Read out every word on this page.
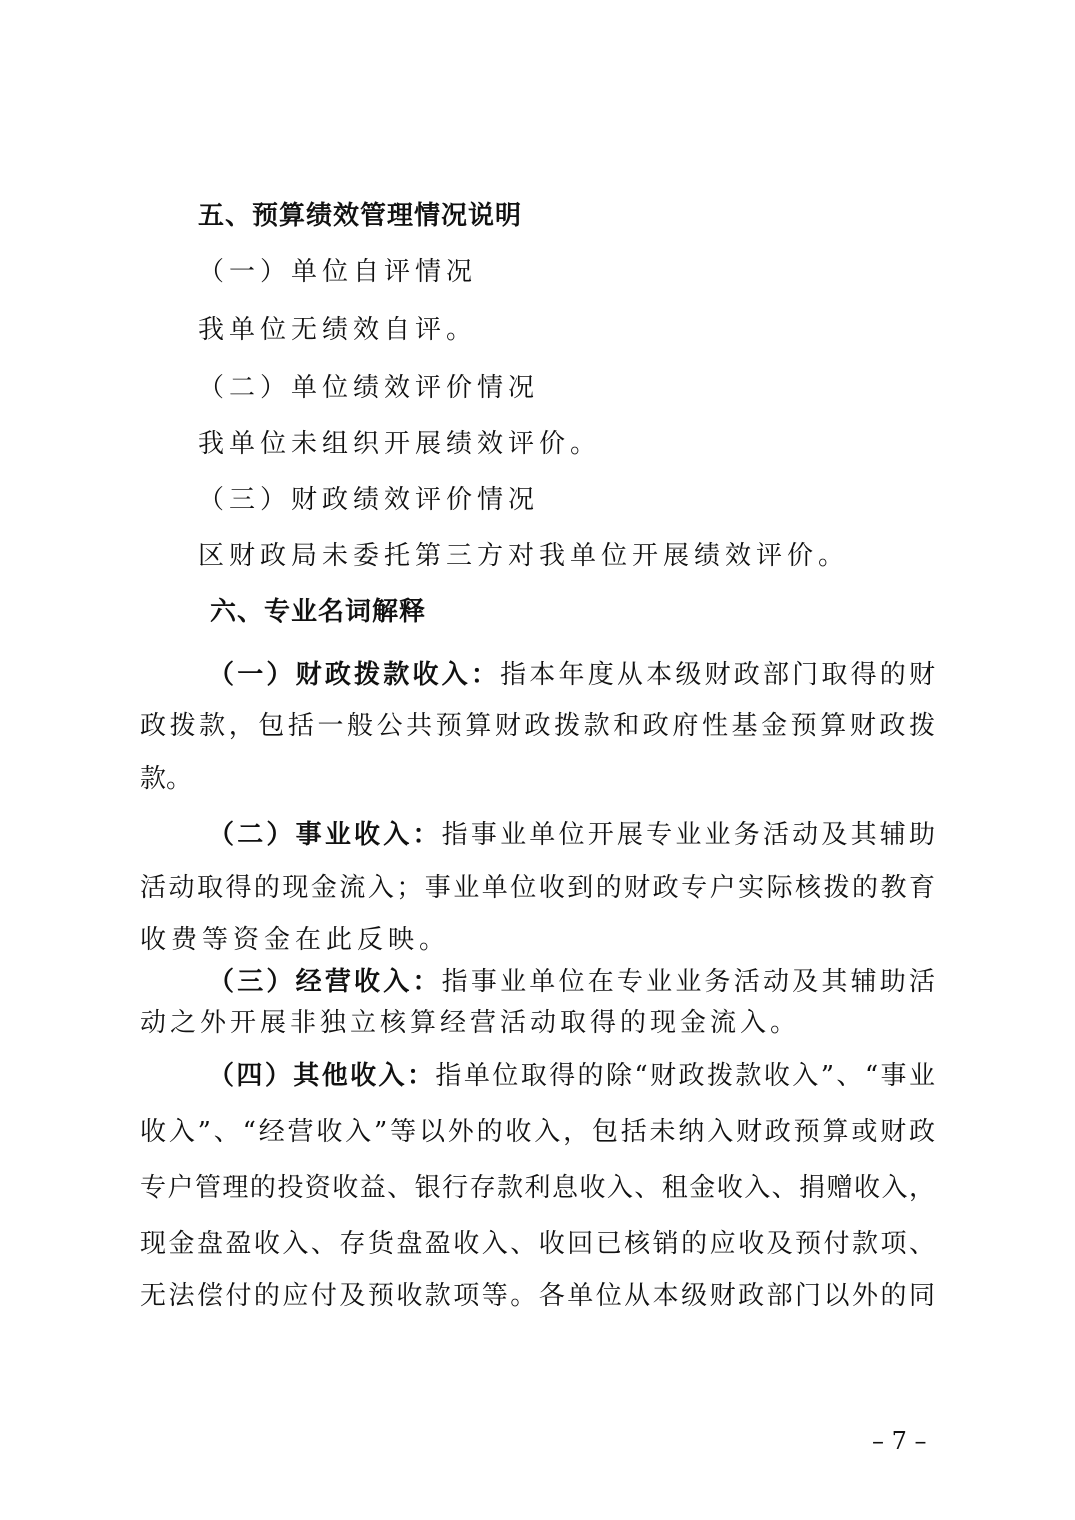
五、预算绩效管理情况说明
（一）单位自评情况
我单位无绩效自评。
（二）单位绩效评价情况
我单位未组织开展绩效评价。
（三）财政绩效评价情况
区财政局未委托第三方对我单位开展绩效评价。
六、专业名词解释
（一）财政拨款收入：指本年度从本级财政部门取得的财
政拨款，包括一般公共预算财政拨款和政府性基金预算财政拨
款。
（二）事业收入：指事业单位开展专业业务活动及其辅助
活动取得的现金流入；事业单位收到的财政专户实际核拨的教育
收费等资金在此反映。
（三）经营收入：指事业单位在专业业务活动及其辅助活
动之外开展非独立核算经营活动取得的现金流入。
（四）其他收入：指单位取得的除“财政拨款收入”、“事业
收入”、“经营收入”等以外的收入，包括未纳入财政预算或财政
专户管理的投资收益、银行存款利息收入、租金收入、捐赠收入，
现金盘盈收入、存货盘盈收入、收回已核销的应收及预付款项、
无法偿付的应付及预收款项等。各单位从本级财政部门以外的同
– 7 –
